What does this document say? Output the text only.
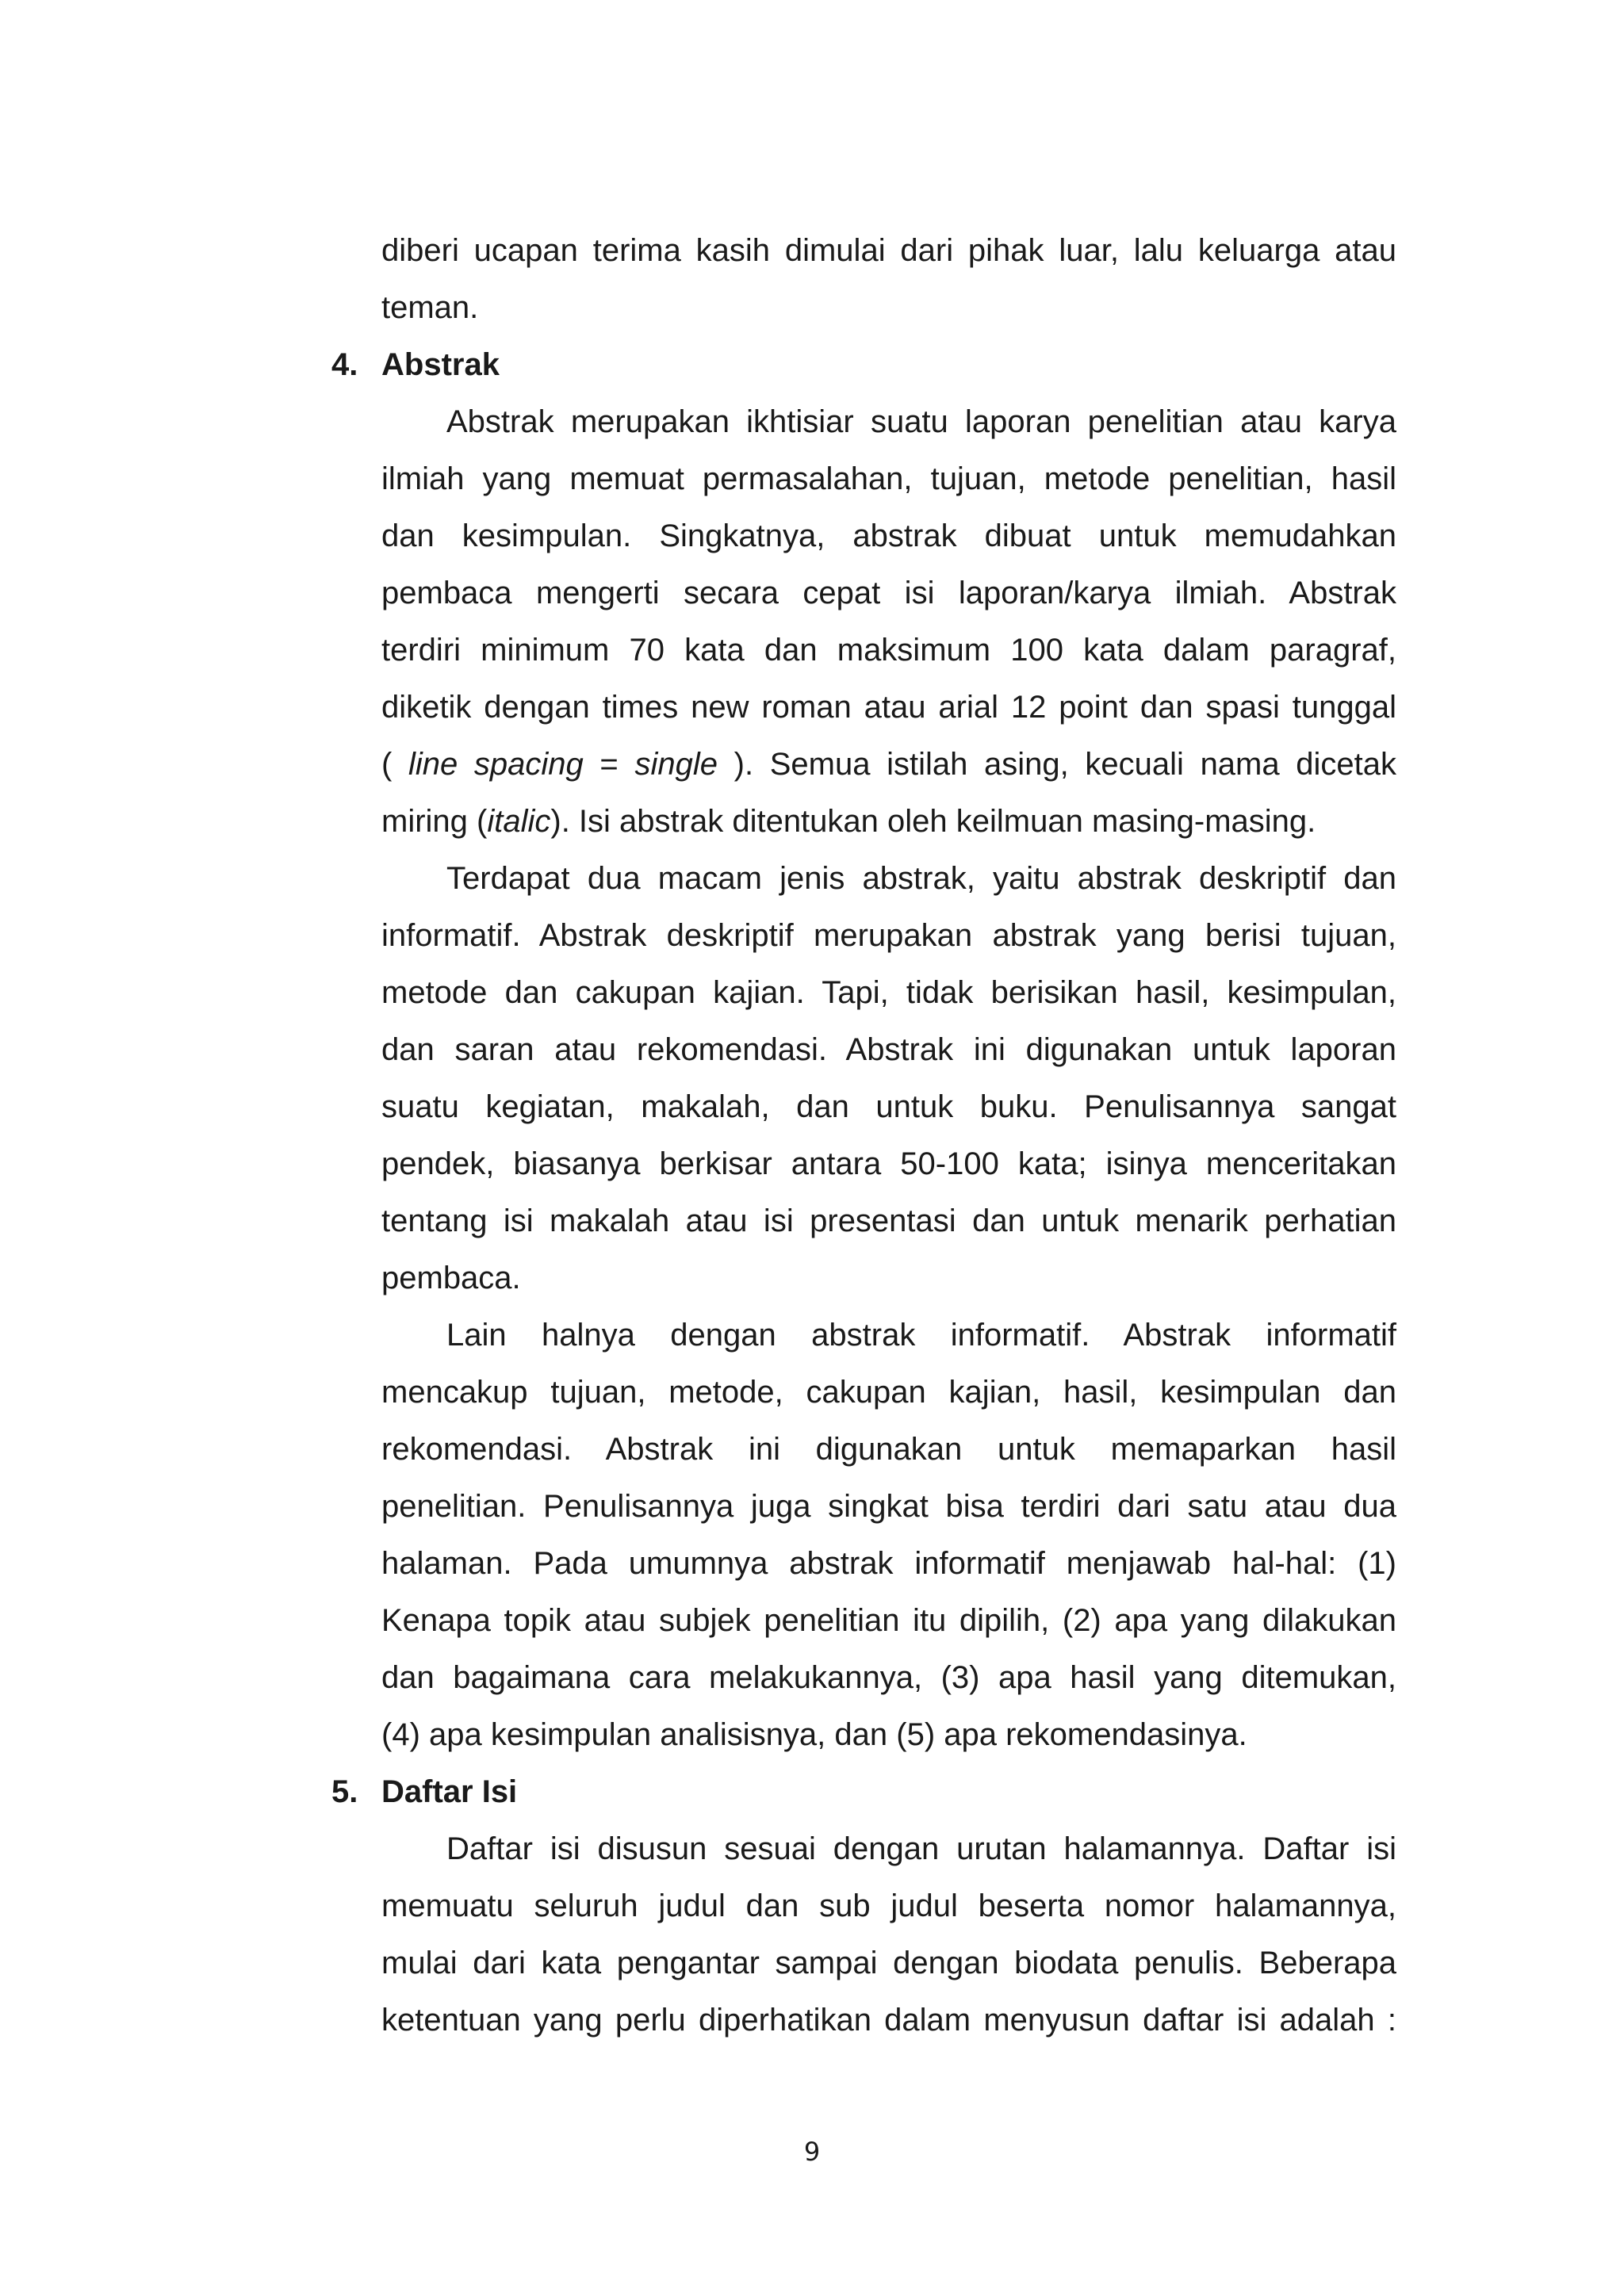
diberi ucapan terima kasih dimulai dari pihak luar, lalu keluarga atau
teman.
4. Abstrak
Abstrak merupakan ikhtisiar suatu laporan penelitian atau karya
ilmiah yang memuat permasalahan, tujuan, metode penelitian, hasil
dan kesimpulan. Singkatnya, abstrak dibuat untuk memudahkan
pembaca mengerti secara cepat isi laporan/karya ilmiah. Abstrak
terdiri minimum 70 kata dan maksimum 100 kata dalam paragraf,
diketik dengan times new roman atau arial 12 point dan spasi tunggal
( line spacing = single ). Semua istilah asing, kecuali nama dicetak
miring (italic). Isi abstrak ditentukan oleh keilmuan masing-masing.
Terdapat dua macam jenis abstrak, yaitu abstrak deskriptif dan
informatif. Abstrak deskriptif merupakan abstrak yang berisi tujuan,
metode dan cakupan kajian. Tapi, tidak berisikan hasil, kesimpulan,
dan saran atau rekomendasi. Abstrak ini digunakan untuk laporan
suatu kegiatan, makalah, dan untuk buku. Penulisannya sangat
pendek, biasanya berkisar antara 50-100 kata; isinya menceritakan
tentang isi makalah atau isi presentasi dan untuk menarik perhatian
pembaca.
Lain halnya dengan abstrak informatif. Abstrak informatif
mencakup tujuan, metode, cakupan kajian, hasil, kesimpulan dan
rekomendasi. Abstrak ini digunakan untuk memaparkan hasil
penelitian. Penulisannya juga singkat bisa terdiri dari satu atau dua
halaman. Pada umumnya abstrak informatif menjawab hal-hal: (1)
Kenapa topik atau subjek penelitian itu dipilih, (2) apa yang dilakukan
dan bagaimana cara melakukannya, (3) apa hasil yang ditemukan,
(4) apa kesimpulan analisisnya, dan (5) apa rekomendasinya.
5. Daftar Isi
Daftar isi disusun sesuai dengan urutan halamannya. Daftar isi
memuatu seluruh judul dan sub judul beserta nomor halamannya,
mulai dari kata pengantar sampai dengan biodata penulis. Beberapa
ketentuan yang perlu diperhatikan dalam menyusun daftar isi adalah :
9
